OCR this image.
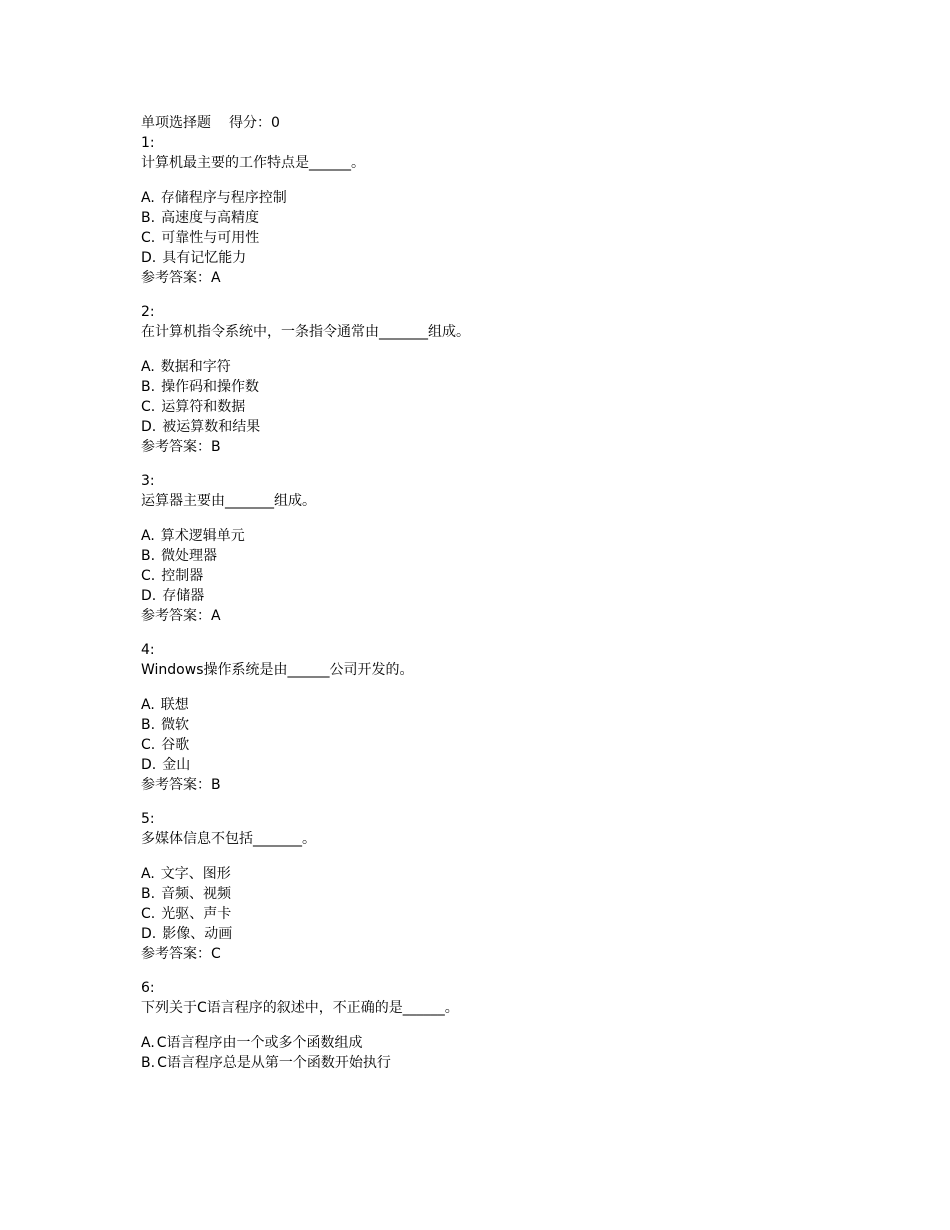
单项选择题 得分：0
1:
计算机最主要的工作特点是______。
A. 存储程序与程序控制
B. 高速度与高精度
C. 可靠性与可用性
D. 具有记忆能力
参考答案：A
2:
在计算机指令系统中，一条指令通常由_______组成。
A. 数据和字符
B. 操作码和操作数
C. 运算符和数据
D. 被运算数和结果
参考答案：B
3:
运算器主要由_______组成。
A. 算术逻辑单元
B. 微处理器
C. 控制器
D. 存储器
参考答案：A
4:
Windows操作系统是由______公司开发的。
A. 联想
B. 微软
C. 谷歌
D. 金山
参考答案：B
5:
多媒体信息不包括_______。
A. 文字、图形
B. 音频、视频
C. 光驱、声卡
D. 影像、动画
参考答案：C
6:
下列关于C语言程序的叙述中，不正确的是______。
A. C语言程序由一个或多个函数组成
B. C语言程序总是从第一个函数开始执行
